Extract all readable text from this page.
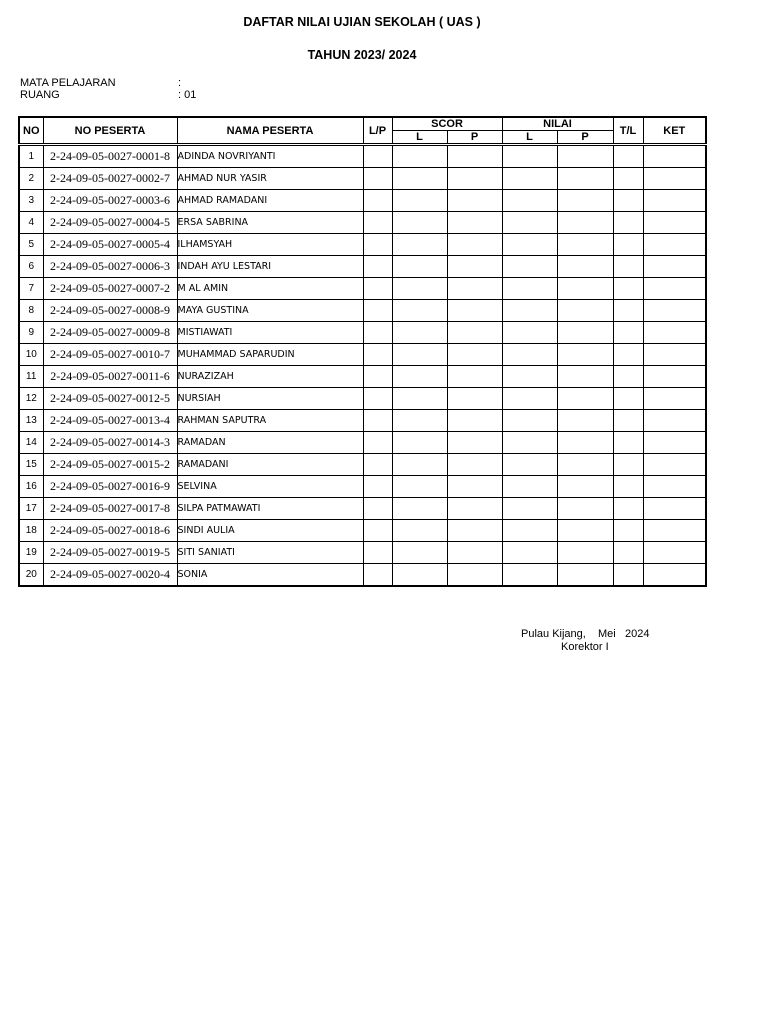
DAFTAR NILAI UJIAN SEKOLAH ( UAS )
TAHUN 2023/ 2024
MATA PELAJARAN	:
RUANG	: 01
NO	NO PESERTA	NAMA PESERTA	L/P	SCOR		NILAI		T/L	KET
				L	P	L	P		
1	2-24-09-05-0027-0001-8	ADINDA NOVRIYANTI							
2	2-24-09-05-0027-0002-7	AHMAD NUR YASIR							
3	2-24-09-05-0027-0003-6	AHMAD RAMADANI							
4	2-24-09-05-0027-0004-5	ERSA SABRINA							
5	2-24-09-05-0027-0005-4	ILHAMSYAH							
6	2-24-09-05-0027-0006-3	INDAH AYU LESTARI							
7	2-24-09-05-0027-0007-2	M AL AMIN							
8	2-24-09-05-0027-0008-9	MAYA GUSTINA							
9	2-24-09-05-0027-0009-8	MISTIAWATI							
10	2-24-09-05-0027-0010-7	MUHAMMAD SAPARUDIN							
11	2-24-09-05-0027-0011-6	NURAZIZAH							
12	2-24-09-05-0027-0012-5	NURSIAH							
13	2-24-09-05-0027-0013-4	RAHMAN SAPUTRA							
14	2-24-09-05-0027-0014-3	RAMADAN							
15	2-24-09-05-0027-0015-2	RAMADANI							
16	2-24-09-05-0027-0016-9	SELVINA							
17	2-24-09-05-0027-0017-8	SILPA PATMAWATI							
18	2-24-09-05-0027-0018-6	SINDI AULIA							
19	2-24-09-05-0027-0019-5	SITI SANIATI							
20	2-24-09-05-0027-0020-4	SONIA							
Pulau Kijang, Mei 2024
Korektor I
